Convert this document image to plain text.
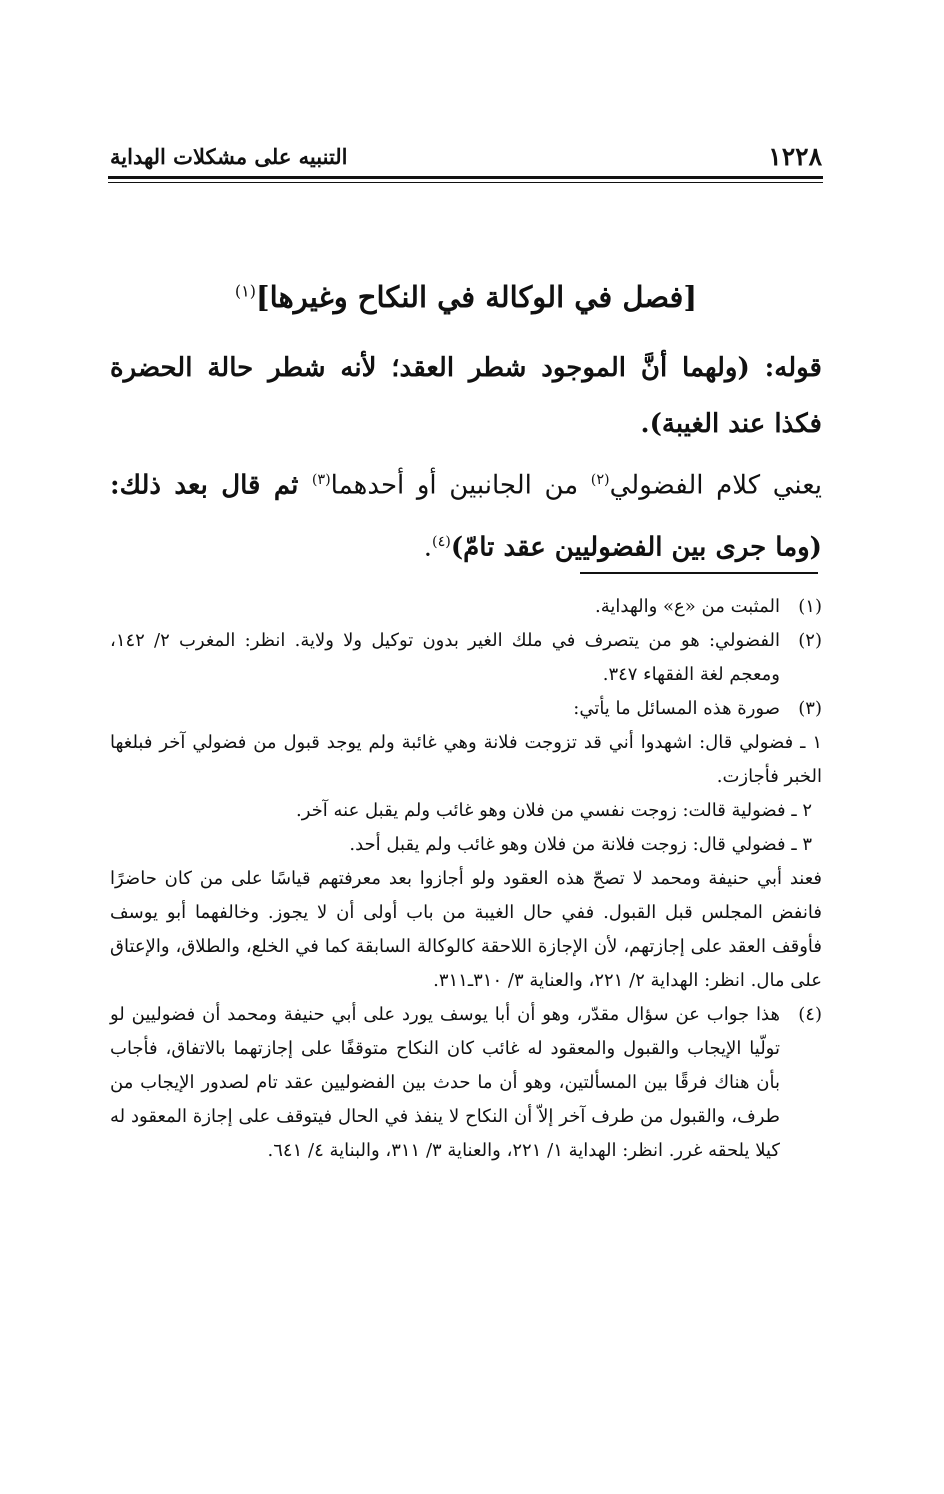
١٢٢٨
التنبيه على مشكلات الهداية
[فصل في الوكالة في النكاح وغيرها]$^{(١)}$
قوله: (ولهما أنَّ الموجود شطر العقد؛ لأنه شطر حالة الحضرة فكذا عند الغيبة).
يعني كلام الفضولي$^{(٢)}$ من الجانبين أو أحدهما$^{(٣)}$ ثم قال بعد ذلك: (وما جرى بين الفضوليين عقد تامّ)$^{(٤)}$.
(١)

المثبت من «ع» والهداية.

(٢)

الفضولي: هو من يتصرف في ملك الغير بدون توكيل ولا ولاية. انظر: المغرب ٢/ ١٤٢، ومعجم لغة الفقهاء ٣٤٧.

(٣)

صورة هذه المسائل ما يأتي:

١ ـ فضولي قال: اشهدوا أني قد تزوجت فلانة وهي غائبة ولم يوجد قبول من فضولي آخر فبلغها الخبر فأجازت.

٢ ـ فضولية قالت: زوجت نفسي من فلان وهو غائب ولم يقبل عنه آخر.

٣ ـ فضولي قال: زوجت فلانة من فلان وهو غائب ولم يقبل أحد.

فعند أبي حنيفة ومحمد لا تصحّ هذه العقود ولو أجازوا بعد معرفتهم قياسًا على من كان حاضرًا فانفض المجلس قبل القبول. ففي حال الغيبة من باب أولى أن لا يجوز. وخالفهما أبو يوسف فأوقف العقد على إجازتهم، لأن الإجازة اللاحقة كالوكالة السابقة كما في الخلع، والطلاق، والإعتاق على مال. انظر: الهداية ٢/ ٢٢١، والعناية ٣/ ٣١٠ـ٣١١.

(٤)

هذا جواب عن سؤال مقدّر، وهو أن أبا يوسف يورد على أبي حنيفة ومحمد أن فضوليين لو تولّيا الإيجاب والقبول والمعقود له غائب كان النكاح متوقفًا على إجازتهما بالاتفاق، فأجاب بأن هناك فرقًا بين المسألتين، وهو أن ما حدث بين الفضوليين عقد تام لصدور الإيجاب من طرف، والقبول من طرف آخر إلاّ أن النكاح لا ينفذ في الحال فيتوقف على إجازة المعقود له كيلا يلحقه غرر. انظر: الهداية ١/ ٢٢١، والعناية ٣/ ٣١١، والبناية ٤/ ٦٤١.
